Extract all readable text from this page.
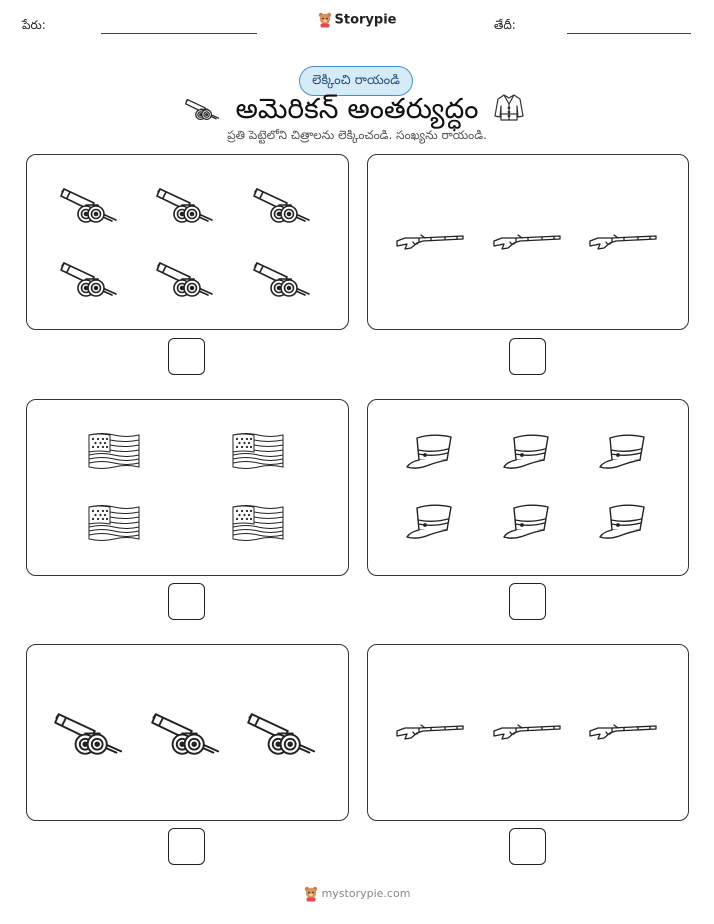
పేరు:	Storypie	తేదీ:
లెక్కించి రాయండి
అమెరికన్ అంతర్యుద్ధం
ప్రతి పెట్టెలోని చిత్రాలను లెక్కించండి. సంఖ్యను రాయండి.
mystorypie.com
